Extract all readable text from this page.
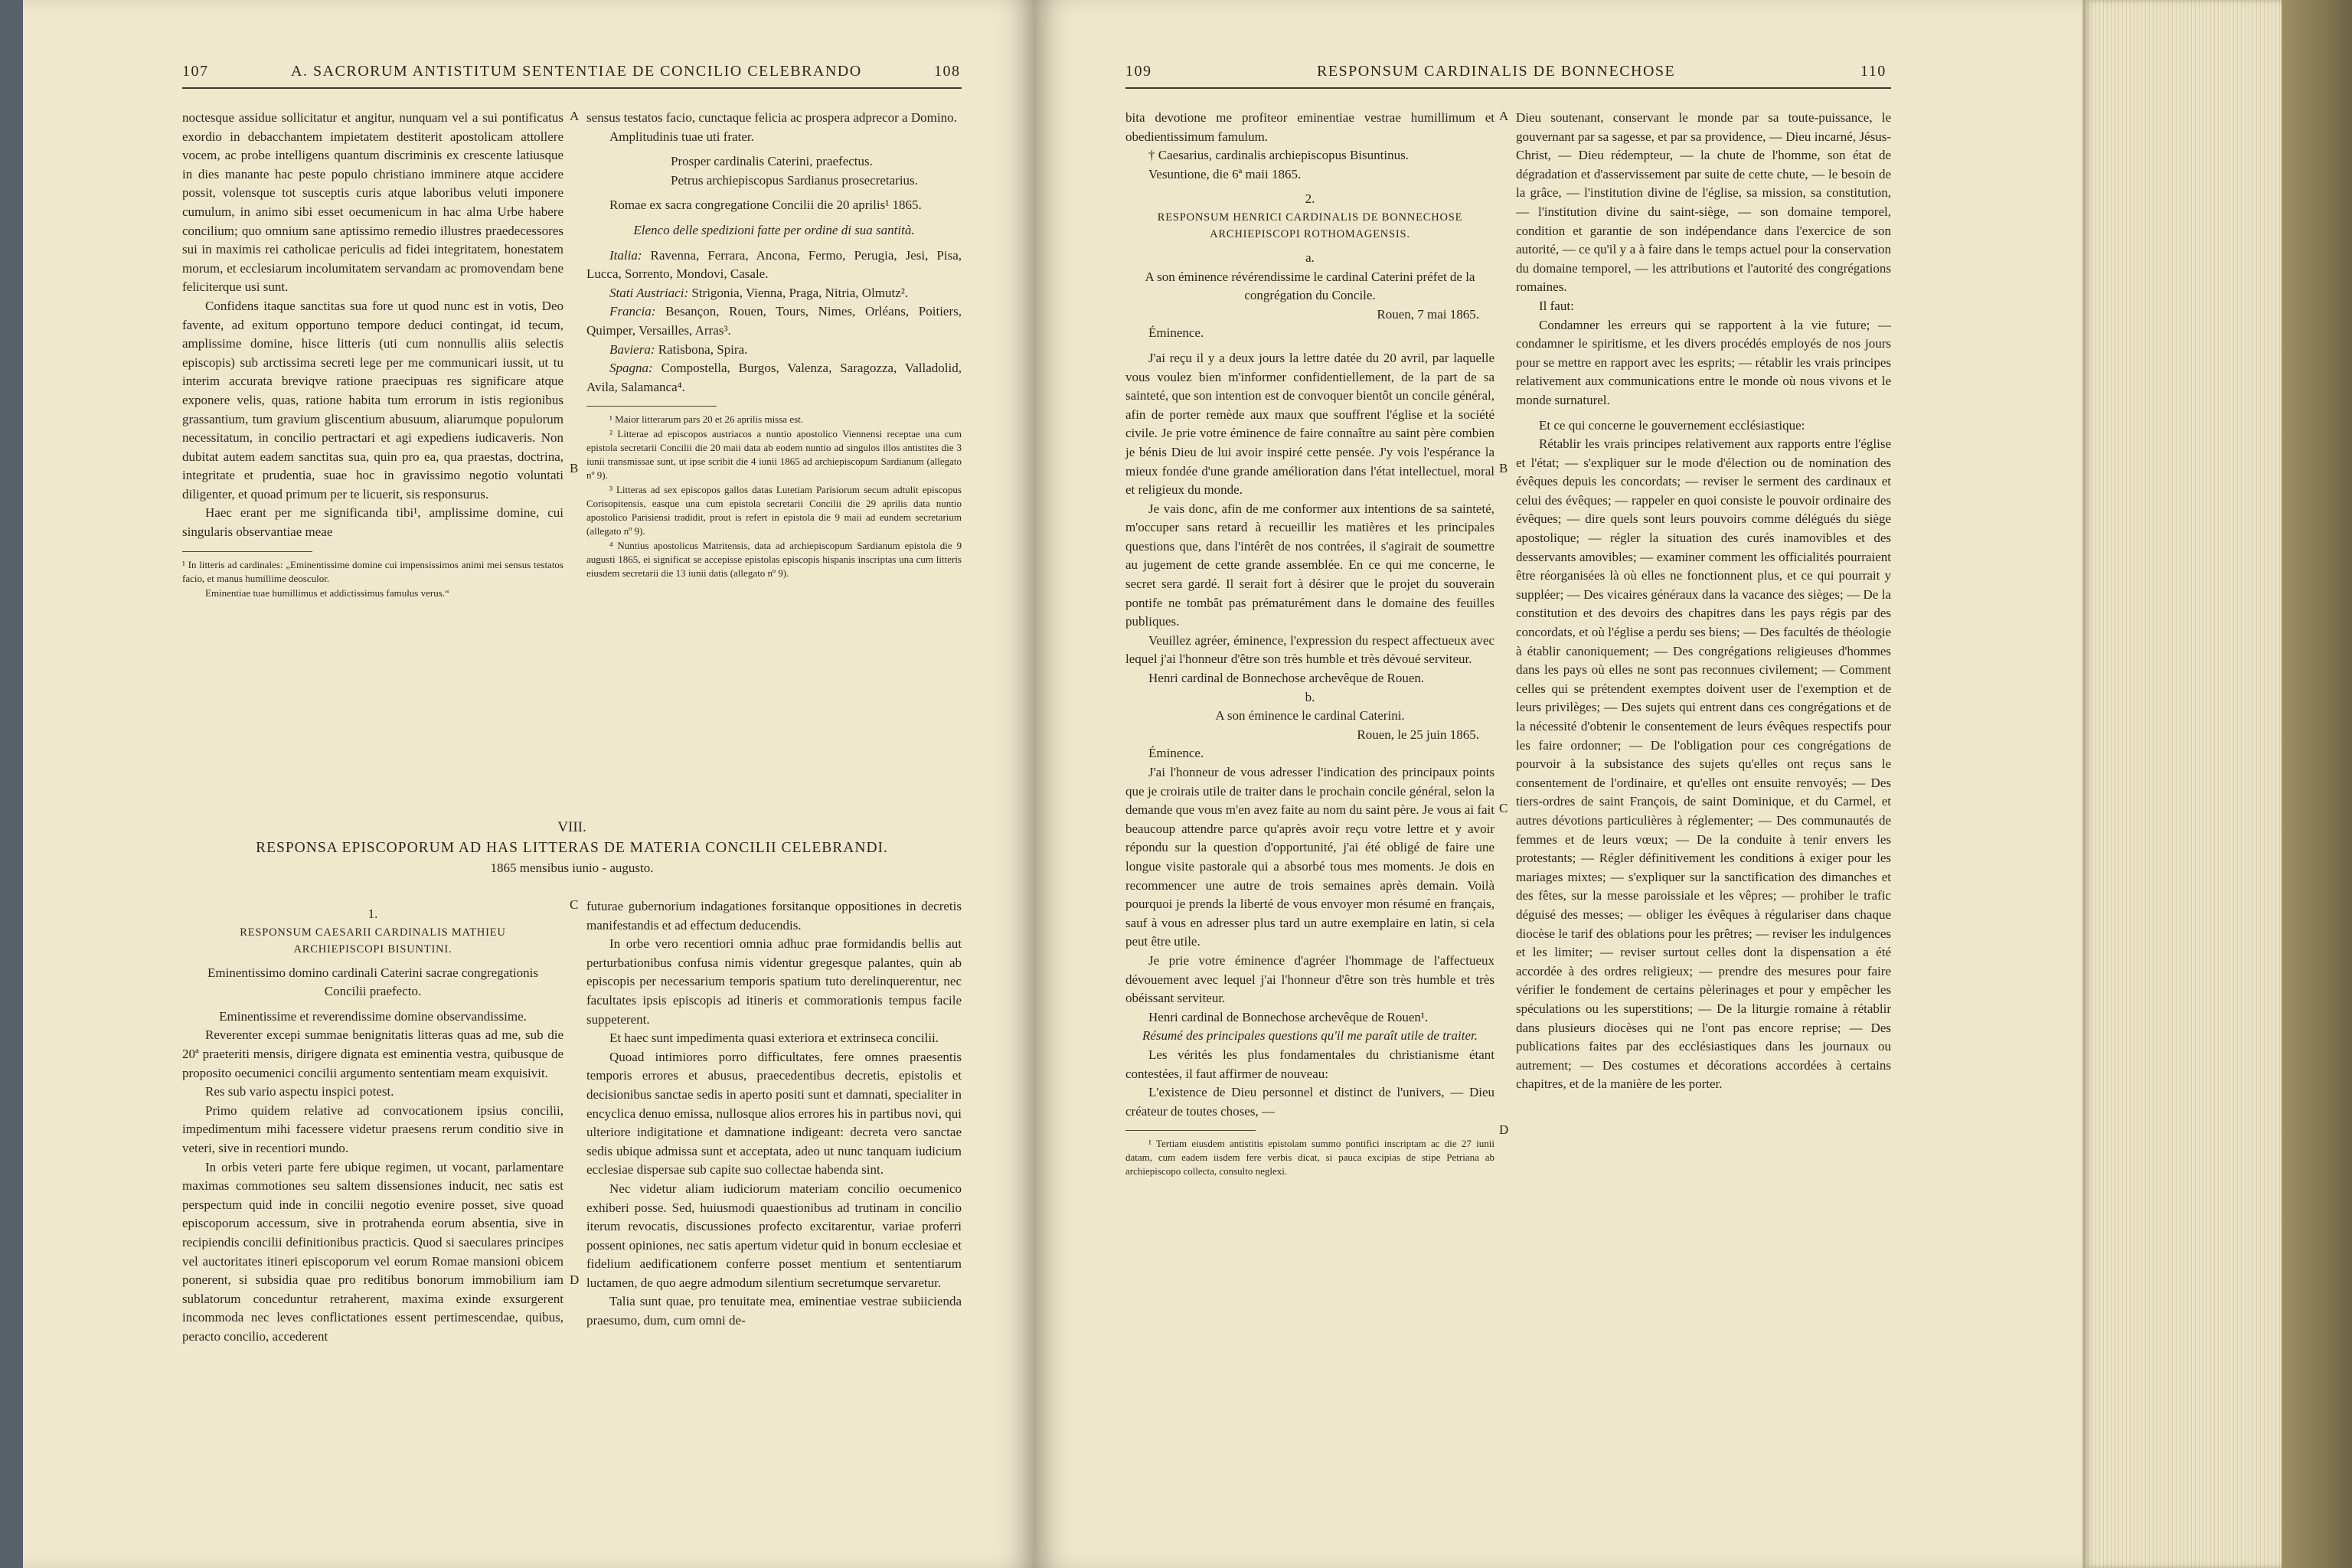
107	A. SACRORUM ANTISTITUM SENTENTIAE DE CONCILIO CELEBRANDO	108

noctesque assidue sollicitatur et angitur, nunquam vel a sui pontificatus exordio in debacchantem impietatem destiterit apostolicam attollere vocem, ac probe intelligens quantum discriminis ex crescente latiusque in dies manante hac peste populo christiano imminere atque accidere possit, volensque tot susceptis curis atque laboribus veluti imponere cumulum, in animo sibi esset oecumenicum in hac alma Urbe habere concilium; quo omnium sane aptissimo remedio illustres praedecessores sui in maximis rei catholicae periculis ad fidei integritatem, honestatem morum, et ecclesiarum incolumitatem servandam ac promovendam bene feliciterque usi sunt.

Confidens itaque sanctitas sua fore ut quod nunc est in votis, Deo favente, ad exitum opportuno tempore deduci contingat, id tecum, amplissime domine, hisce litteris (uti cum nonnullis aliis selectis episcopis) sub arctissima secreti lege per me communicari iussit, ut tu interim accurata breviqve ratione praecipuas res significare atque exponere velis, quas, ratione habita tum errorum in istis regionibus grassantium, tum gravium gliscentium abusuum, aliarumque populorum necessitatum, in concilio pertractari et agi expediens iudicaveris. Non dubitat autem eadem sanctitas sua, quin pro ea, qua praestas, doctrina, integritate et prudentia, suae hoc in gravissimo negotio voluntati diligenter, et quoad primum per te licuerit, sis responsurus.

Haec erant per me significanda tibi¹, amplissime domine, cui singularis observantiae meae

¹ In litteris ad cardinales: „Eminentissime domine cui impensissimos animi mei sensus testatos facio, et manus humillime deosculor.

Eminentiae tuae humillimus et addictissimus famulus verus.“

A
B

sensus testatos facio, cunctaque felicia ac prospera adprecor a Domino.

Amplitudinis tuae uti frater.

Prosper cardinalis Caterini, praefectus.

Petrus archiepiscopus Sardianus prosecretarius.

Romae ex sacra congregatione Concilii die 20 aprilis¹ 1865.

Elenco delle spedizioni fatte per ordine di sua santità.

Italia: Ravenna, Ferrara, Ancona, Fermo, Perugia, Jesi, Pisa, Lucca, Sorrento, Mondovi, Casale.

Stati Austriaci: Strigonia, Vienna, Praga, Nitria, Olmutz².

Francia: Besançon, Rouen, Tours, Nimes, Orléans, Poitiers, Quimper, Versailles, Arras³.

Baviera: Ratisbona, Spira.

Spagna: Compostella, Burgos, Valenza, Saragozza, Valladolid, Avila, Salamanca⁴.

¹ Maior litterarum pars 20 et 26 aprilis missa est.

² Litterae ad episcopos austriacos a nuntio apostolico Viennensi receptae una cum epistola secretarii Concilii die 20 maii data ab eodem nuntio ad singulos illos antistites die 3 iunii transmissae sunt, ut ipse scribit die 4 iunii 1865 ad archiepiscopum Sardianum (allegato nº 9).

³ Litteras ad sex episcopos gallos datas Lutetiam Parisiorum secum adtulit episcopus Corisopitensis, easque una cum epistola secretarii Concilii die 29 aprilis data nuntio apostolico Parisiensi tradidit, prout is refert in epistola die 9 maii ad eundem secretarium (allegato nº 9).

⁴ Nuntius apostolicus Matritensis, data ad archiepiscopum Sardianum epistola die 9 augusti 1865, ei significat se accepisse epistolas episcopis hispanis inscriptas una cum litteris eiusdem secretarii die 13 iunii datis (allegato nº 9).

VIII.
RESPONSA EPISCOPORUM AD HAS LITTERAS DE MATERIA CONCILII CELEBRANDI.
1865 mensibus iunio - augusto.

1.

RESPONSUM CAESARII CARDINALIS MATHIEU ARCHIEPISCOPI BISUNTINI.

Eminentissimo domino cardinali Caterini sacrae congregationis Concilii praefecto.

Eminentissime et reverendissime domine observandissime.

Reverenter excepi summae benignitatis litteras quas ad me, sub die 20ª praeteriti mensis, dirigere dignata est eminentia vestra, quibusque de proposito oecumenici concilii argumento sententiam meam exquisivit.

Res sub vario aspectu inspici potest.

Primo quidem relative ad convocationem ipsius concilii, impedimentum mihi facessere videtur praesens rerum conditio sive in veteri, sive in recentiori mundo.

In orbis veteri parte fere ubique regimen, ut vocant, parlamentare maximas commotiones seu saltem dissensiones inducit, nec satis est perspectum quid inde in concilii negotio evenire posset, sive quoad episcoporum accessum, sive in protrahenda eorum absentia, sive in recipiendis concilii definitionibus practicis. Quod si saeculares principes vel auctoritates itineri episcoporum vel eorum Romae mansioni obicem ponerent, si subsidia quae pro reditibus bonorum immobilium iam sublatorum conceduntur retraherent, maxima exinde exsurgerent incommoda nec leves conflictationes essent pertimescendae, quibus, peracto concilio, accederent

C
D

futurae gubernorium indagationes forsitanque oppositiones in decretis manifestandis et ad effectum deducendis.

In orbe vero recentiori omnia adhuc prae formidandis bellis aut perturbationibus confusa nimis videntur gregesque palantes, quin ab episcopis per necessarium temporis spatium tuto derelinquerentur, nec facultates ipsis episcopis ad itineris et commorationis tempus facile suppeterent.

Et haec sunt impedimenta quasi exteriora et extrinseca concilii.

Quoad intimiores porro difficultates, fere omnes praesentis temporis errores et abusus, praecedentibus decretis, epistolis et decisionibus sanctae sedis in aperto positi sunt et damnati, specialiter in encyclica denuo emissa, nullosque alios errores his in partibus novi, qui ulteriore indigitatione et damnatione indigeant: decreta vero sanctae sedis ubique admissa sunt et acceptata, adeo ut nunc tanquam iudicium ecclesiae dispersae sub capite suo collectae habenda sint.

Nec videtur aliam iudiciorum materiam concilio oecumenico exhiberi posse. Sed, huiusmodi quaestionibus ad trutinam in concilio iterum revocatis, discussiones profecto excitarentur, variae proferri possent opiniones, nec satis apertum videtur quid in bonum ecclesiae et fidelium aedificationem conferre posset mentium et sententiarum luctamen, de quo aegre admodum silentium secretumque servaretur.

Talia sunt quae, pro tenuitate mea, eminentiae vestrae subiicienda praesumo, dum, cum omni de-

109	RESPONSUM CARDINALIS DE BONNECHOSE	110

bita devotione me profiteor eminentiae vestrae humillimum et obedientissimum famulum.

† Caesarius, cardinalis archiepiscopus Bisuntinus.

Vesuntione, die 6ª maii 1865.

2.

RESPONSUM HENRICI CARDINALIS DE BONNECHOSE ARCHIEPISCOPI ROTHOMAGENSIS.

a.

A son éminence révérendissime le cardinal Caterini préfet de la congrégation du Concile.

Rouen, 7 mai 1865.

Éminence.

J'ai reçu il y a deux jours la lettre datée du 20 avril, par laquelle vous voulez bien m'informer confidentiellement, de la part de sa sainteté, que son intention est de convoquer bientôt un concile général, afin de porter remède aux maux que souffrent l'église et la société civile. Je prie votre éminence de faire connaître au saint père combien je bénis Dieu de lui avoir inspiré cette pensée. J'y vois l'espérance la mieux fondée d'une grande amélioration dans l'état intellectuel, moral et religieux du monde.

Je vais donc, afin de me conformer aux intentions de sa sainteté, m'occuper sans retard à recueillir les matières et les principales questions que, dans l'intérêt de nos contrées, il s'agirait de soumettre au jugement de cette grande assemblée. En ce qui me concerne, le secret sera gardé. Il serait fort à désirer que le projet du souverain pontife ne tombât pas prématurément dans le domaine des feuilles publiques.

Veuillez agréer, éminence, l'expression du respect affectueux avec lequel j'ai l'honneur d'être son très humble et très dévoué serviteur.

Henri cardinal de Bonnechose archevêque de Rouen.

b.

A son éminence le cardinal Caterini.

Rouen, le 25 juin 1865.

Éminence.

J'ai l'honneur de vous adresser l'indication des principaux points que je croirais utile de traiter dans le prochain concile général, selon la demande que vous m'en avez faite au nom du saint père. Je vous ai fait beaucoup attendre parce qu'après avoir reçu votre lettre et y avoir répondu sur la question d'opportunité, j'ai été obligé de faire une longue visite pastorale qui a absorbé tous mes moments. Je dois en recommencer une autre de trois semaines après demain. Voilà pourquoi je prends la liberté de vous envoyer mon résumé en français, sauf à vous en adresser plus tard un autre exemplaire en latin, si cela peut être utile.

Je prie votre éminence d'agréer l'hommage de l'affectueux dévouement avec lequel j'ai l'honneur d'être son très humble et très obéissant serviteur.

Henri cardinal de Bonnechose archevêque de Rouen¹.

Résumé des principales questions qu'il me paraît utile de traiter.

Les vérités les plus fondamentales du christianisme étant contestées, il faut affirmer de nouveau:

L'existence de Dieu personnel et distinct de l'univers, — Dieu créateur de toutes choses, —

¹ Tertiam eiusdem antistitis epistolam summo pontifici inscriptam ac die 27 iunii datam, cum eadem iisdem fere verbis dicat, si pauca excipias de stipe Petriana ab archiepiscopo collecta, consulto neglexi.

A
B
C
D

Dieu soutenant, conservant le monde par sa toute-puissance, le gouvernant par sa sagesse, et par sa providence, — Dieu incarné, Jésus-Christ, — Dieu rédempteur, — la chute de l'homme, son état de dégradation et d'asservissement par suite de cette chute, — le besoin de la grâce, — l'institution divine de l'église, sa mission, sa constitution, — l'institution divine du saint-siège, — son domaine temporel, condition et garantie de son indépendance dans l'exercice de son autorité, — ce qu'il y a à faire dans le temps actuel pour la conservation du domaine temporel, — les attributions et l'autorité des congrégations romaines.

Il faut:

Condamner les erreurs qui se rapportent à la vie future; — condamner le spiritisme, et les divers procédés employés de nos jours pour se mettre en rapport avec les esprits; — rétablir les vrais principes relativement aux communications entre le monde où nous vivons et le monde surnaturel.

Et ce qui concerne le gouvernement ecclésiastique:

Rétablir les vrais principes relativement aux rapports entre l'église et l'état; — s'expliquer sur le mode d'élection ou de nomination des évêques depuis les concordats; — reviser le serment des cardinaux et celui des évêques; — rappeler en quoi consiste le pouvoir ordinaire des évêques; — dire quels sont leurs pouvoirs comme délégués du siège apostolique; — régler la situation des curés inamovibles et des desservants amovibles; — examiner comment les officialités pourraient être réorganisées là où elles ne fonctionnent plus, et ce qui pourrait y suppléer; — Des vicaires généraux dans la vacance des sièges; — De la constitution et des devoirs des chapitres dans les pays régis par des concordats, et où l'église a perdu ses biens; — Des facultés de théologie à établir canoniquement; — Des congrégations religieuses d'hommes dans les pays où elles ne sont pas reconnues civilement; — Comment celles qui se prétendent exemptes doivent user de l'exemption et de leurs privilèges; — Des sujets qui entrent dans ces congrégations et de la nécessité d'obtenir le consentement de leurs évêques respectifs pour les faire ordonner; — De l'obligation pour ces congrégations de pourvoir à la subsistance des sujets qu'elles ont reçus sans le consentement de l'ordinaire, et qu'elles ont ensuite renvoyés; — Des tiers-ordres de saint François, de saint Dominique, et du Carmel, et autres dévotions particulières à réglementer; — Des communautés de femmes et de leurs vœux; — De la conduite à tenir envers les protestants; — Régler définitivement les conditions à exiger pour les mariages mixtes; — s'expliquer sur la sanctification des dimanches et des fêtes, sur la messe paroissiale et les vêpres; — prohiber le trafic déguisé des messes; — obliger les évêques à régulariser dans chaque diocèse le tarif des oblations pour les prêtres; — reviser les indulgences et les limiter; — reviser surtout celles dont la dispensation a été accordée à des ordres religieux; — prendre des mesures pour faire vérifier le fondement de certains pèlerinages et pour y empêcher les spéculations ou les superstitions; — De la liturgie romaine à rétablir dans plusieurs diocèses qui ne l'ont pas encore reprise; — Des publications faites par des ecclésiastiques dans les journaux ou autrement; — Des costumes et décorations accordées à certains chapitres, et de la manière de les porter.
